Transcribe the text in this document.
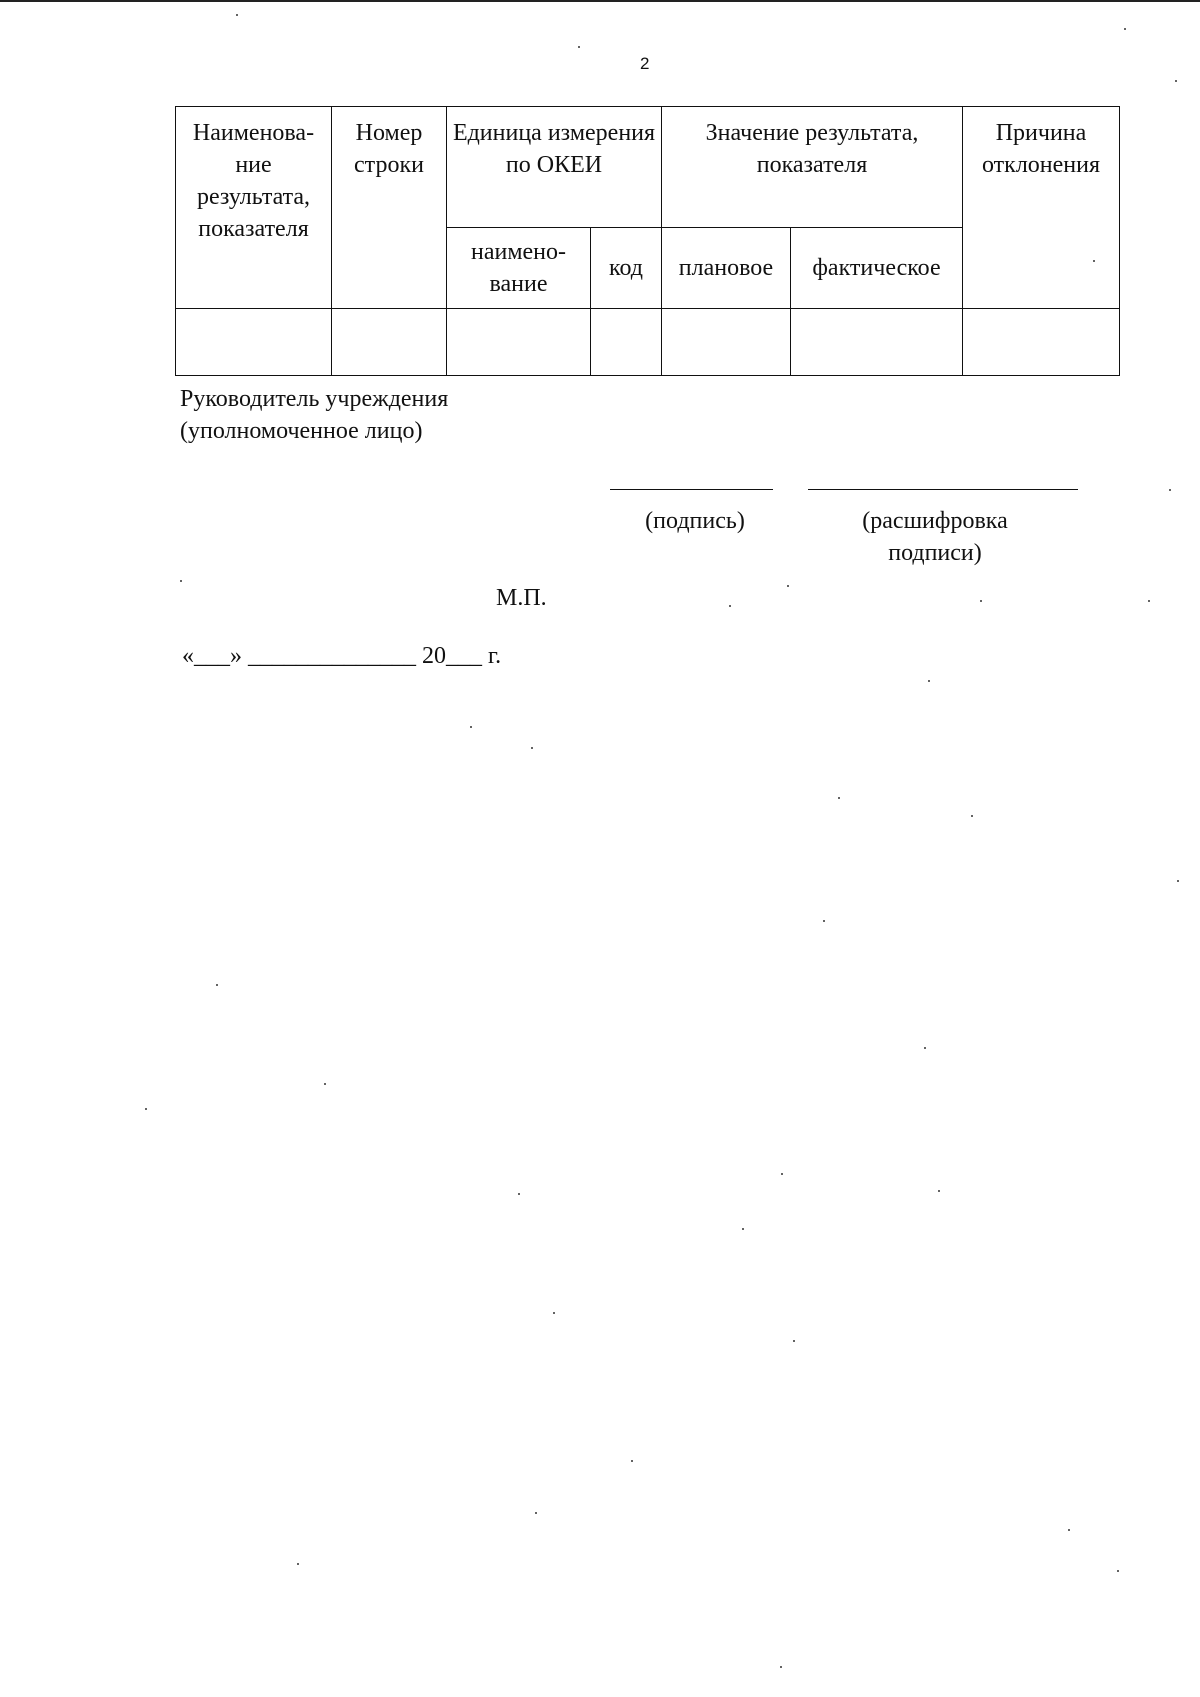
2
Наименова-ние результата, показателя	Номер строки	Единица измерения по ОКЕИ		Значение результата, показателя		Причина отклонения
		наимено-вание	код	плановое	фактическое	

Руководитель учреждения (уполномоченное лицо)
(подпись)	(расшифровка подписи)
М.П.
«___» ______________ 20___ г.
